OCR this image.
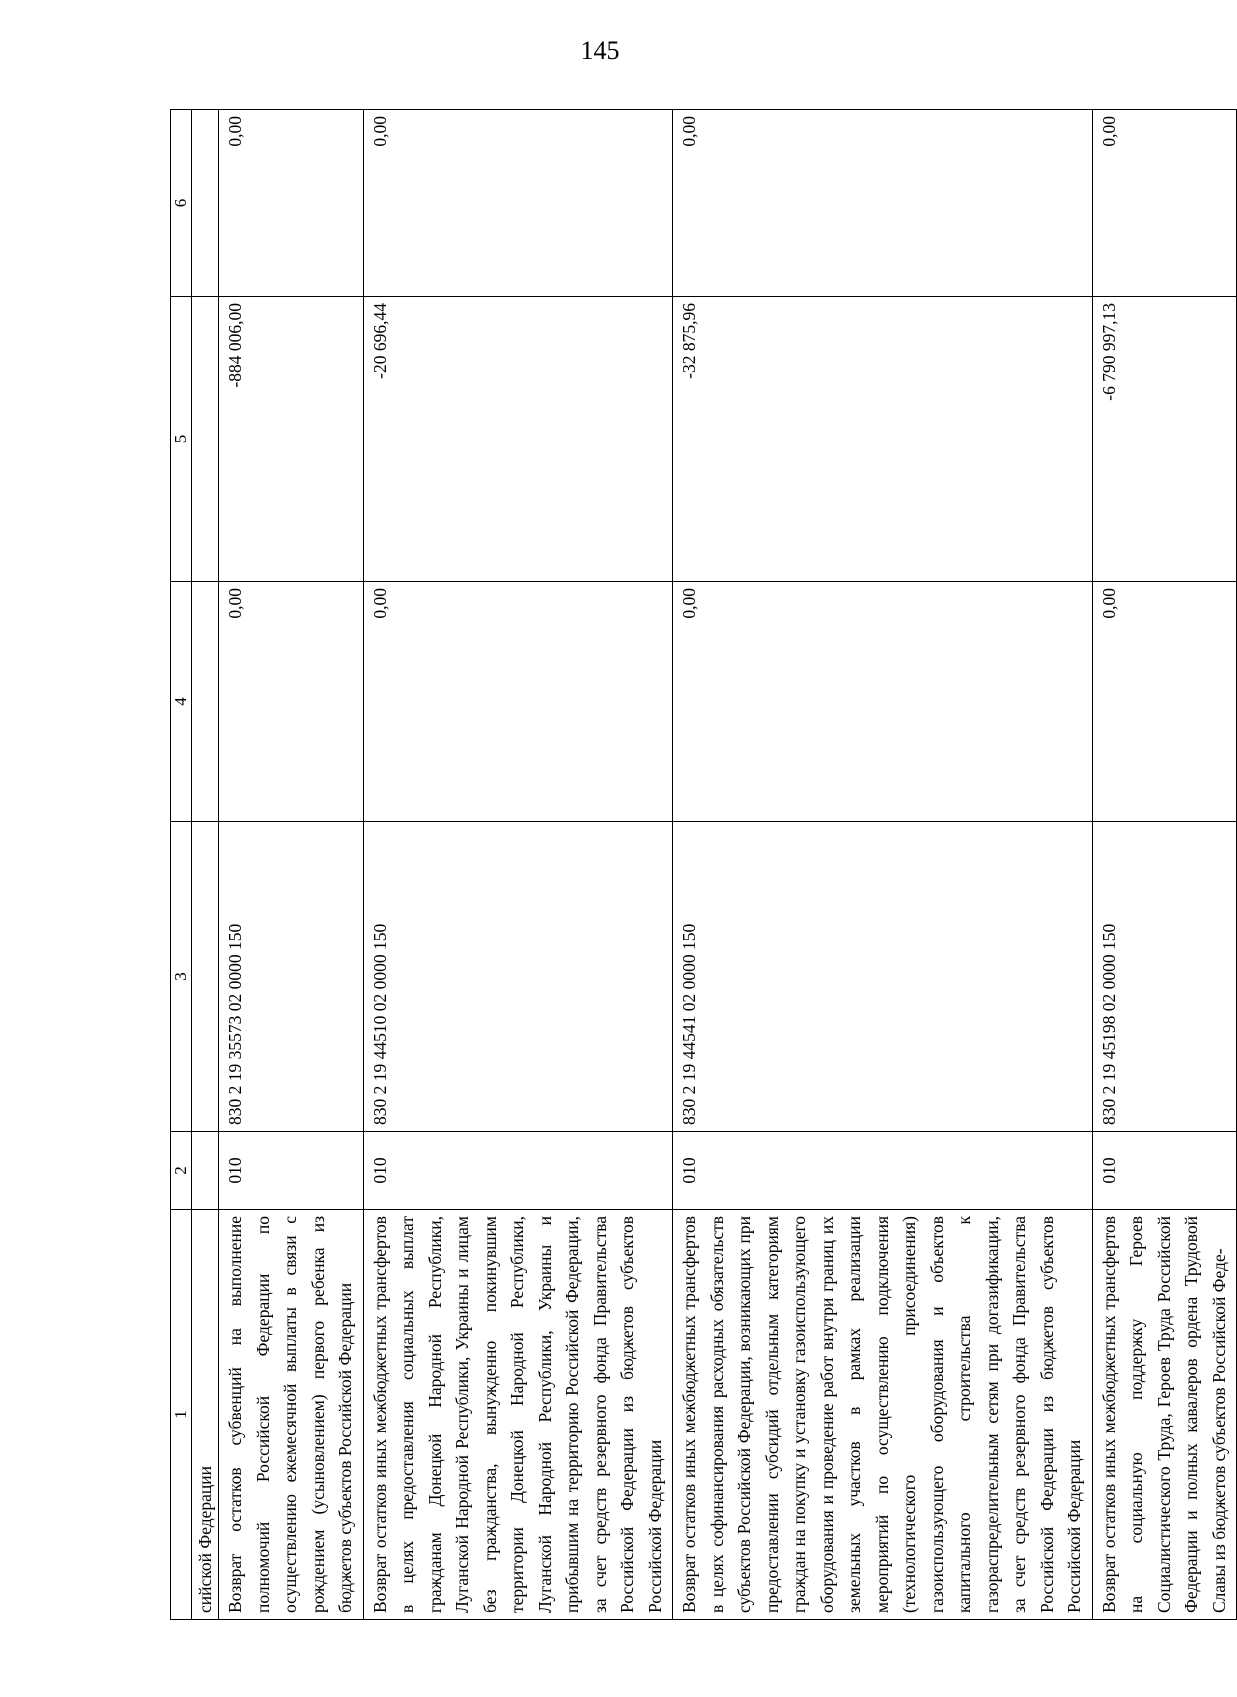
145
1	2	3	4	5	6
сийской Федерации					
Возврат остатков субвенций на выполнение полномочий Российской Федерации по осуществлению ежемесячной выплаты в связи с рождением (усыновлением) первого ребенка из бюджетов субъектов Российской Федерации	010	830 2 19 35573 02 0000 150	0,00	-884 006,00	0,00
Возврат остатков иных межбюджетных трансфертов в целях предоставления социальных выплат гражданам Донецкой Народной Республики, Луганской Народной Республики, Украины и лицам без гражданства, вынужденно покинувшим территории Донецкой Народной Республики, Луганской Народной Республики, Украины и прибывшим на территорию Российской Федерации, за счет средств резервного фонда Правительства Российской Федерации из бюджетов субъектов Российской Федерации	010	830 2 19 44510 02 0000 150	0,00	-20 696,44	0,00
Возврат остатков иных межбюджетных трансфертов в целях софинансирования расходных обязательств субъектов Российской Федерации, возникающих при предоставлении субсидий отдельным категориям граждан на покупку и установку газоиспользующего оборудования и проведение работ внутри границ их земельных участков в рамках реализации мероприятий по осуществлению подключения (технологического присоединения) газоиспользующего оборудования и объектов капитального строительства к газораспределительным сетям при догазификации, за счет средств резервного фонда Правительства Российской Федерации из бюджетов субъектов Российской Федерации	010	830 2 19 44541 02 0000 150	0,00	-32 875,96	0,00
Возврат остатков иных межбюджетных трансфертов на социальную поддержку Героев Социалистического Труда, Героев Труда Российской Федерации и полных кавалеров ордена Трудовой Славы из бюджетов субъектов Российской Феде-	010	830 2 19 45198 02 0000 150	0,00	-6 790 997,13	0,00
